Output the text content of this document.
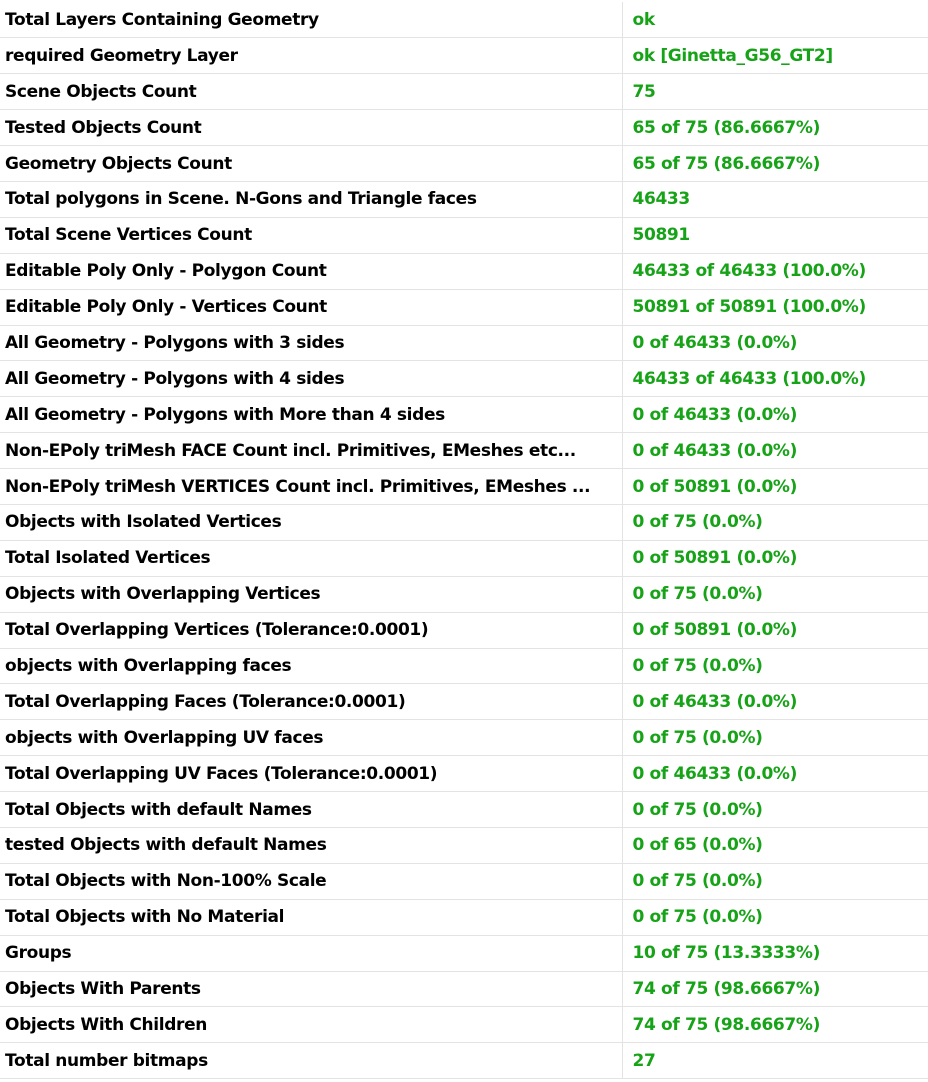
Total Layers Containing Geometry	ok
required Geometry Layer	ok [Ginetta_G56_GT2]
Scene Objects Count	75
Tested Objects Count	65 of 75 (86.6667%)
Geometry Objects Count	65 of 75 (86.6667%)
Total polygons in Scene. N-Gons and Triangle faces	46433
Total Scene Vertices Count	50891
Editable Poly Only - Polygon Count	46433 of 46433 (100.0%)
Editable Poly Only - Vertices Count	50891 of 50891 (100.0%)
All Geometry - Polygons with 3 sides	0 of 46433 (0.0%)
All Geometry - Polygons with 4 sides	46433 of 46433 (100.0%)
All Geometry - Polygons with More than 4 sides	0 of 46433 (0.0%)
Non-EPoly triMesh FACE Count incl. Primitives, EMeshes etc...	0 of 46433 (0.0%)
Non-EPoly triMesh VERTICES Count incl. Primitives, EMeshes ...	0 of 50891 (0.0%)
Objects with Isolated Vertices	0 of 75 (0.0%)
Total Isolated Vertices	0 of 50891 (0.0%)
Objects with Overlapping Vertices	0 of 75 (0.0%)
Total Overlapping Vertices (Tolerance:0.0001)	0 of 50891 (0.0%)
objects with Overlapping faces	0 of 75 (0.0%)
Total Overlapping Faces (Tolerance:0.0001)	0 of 46433 (0.0%)
objects with Overlapping UV faces	0 of 75 (0.0%)
Total Overlapping UV Faces (Tolerance:0.0001)	0 of 46433 (0.0%)
Total Objects with default Names	0 of 75 (0.0%)
tested Objects with default Names	0 of 65 (0.0%)
Total Objects with Non-100% Scale	0 of 75 (0.0%)
Total Objects with No Material	0 of 75 (0.0%)
Groups	10 of 75 (13.3333%)
Objects With Parents	74 of 75 (98.6667%)
Objects With Children	74 of 75 (98.6667%)
Total number bitmaps	27
